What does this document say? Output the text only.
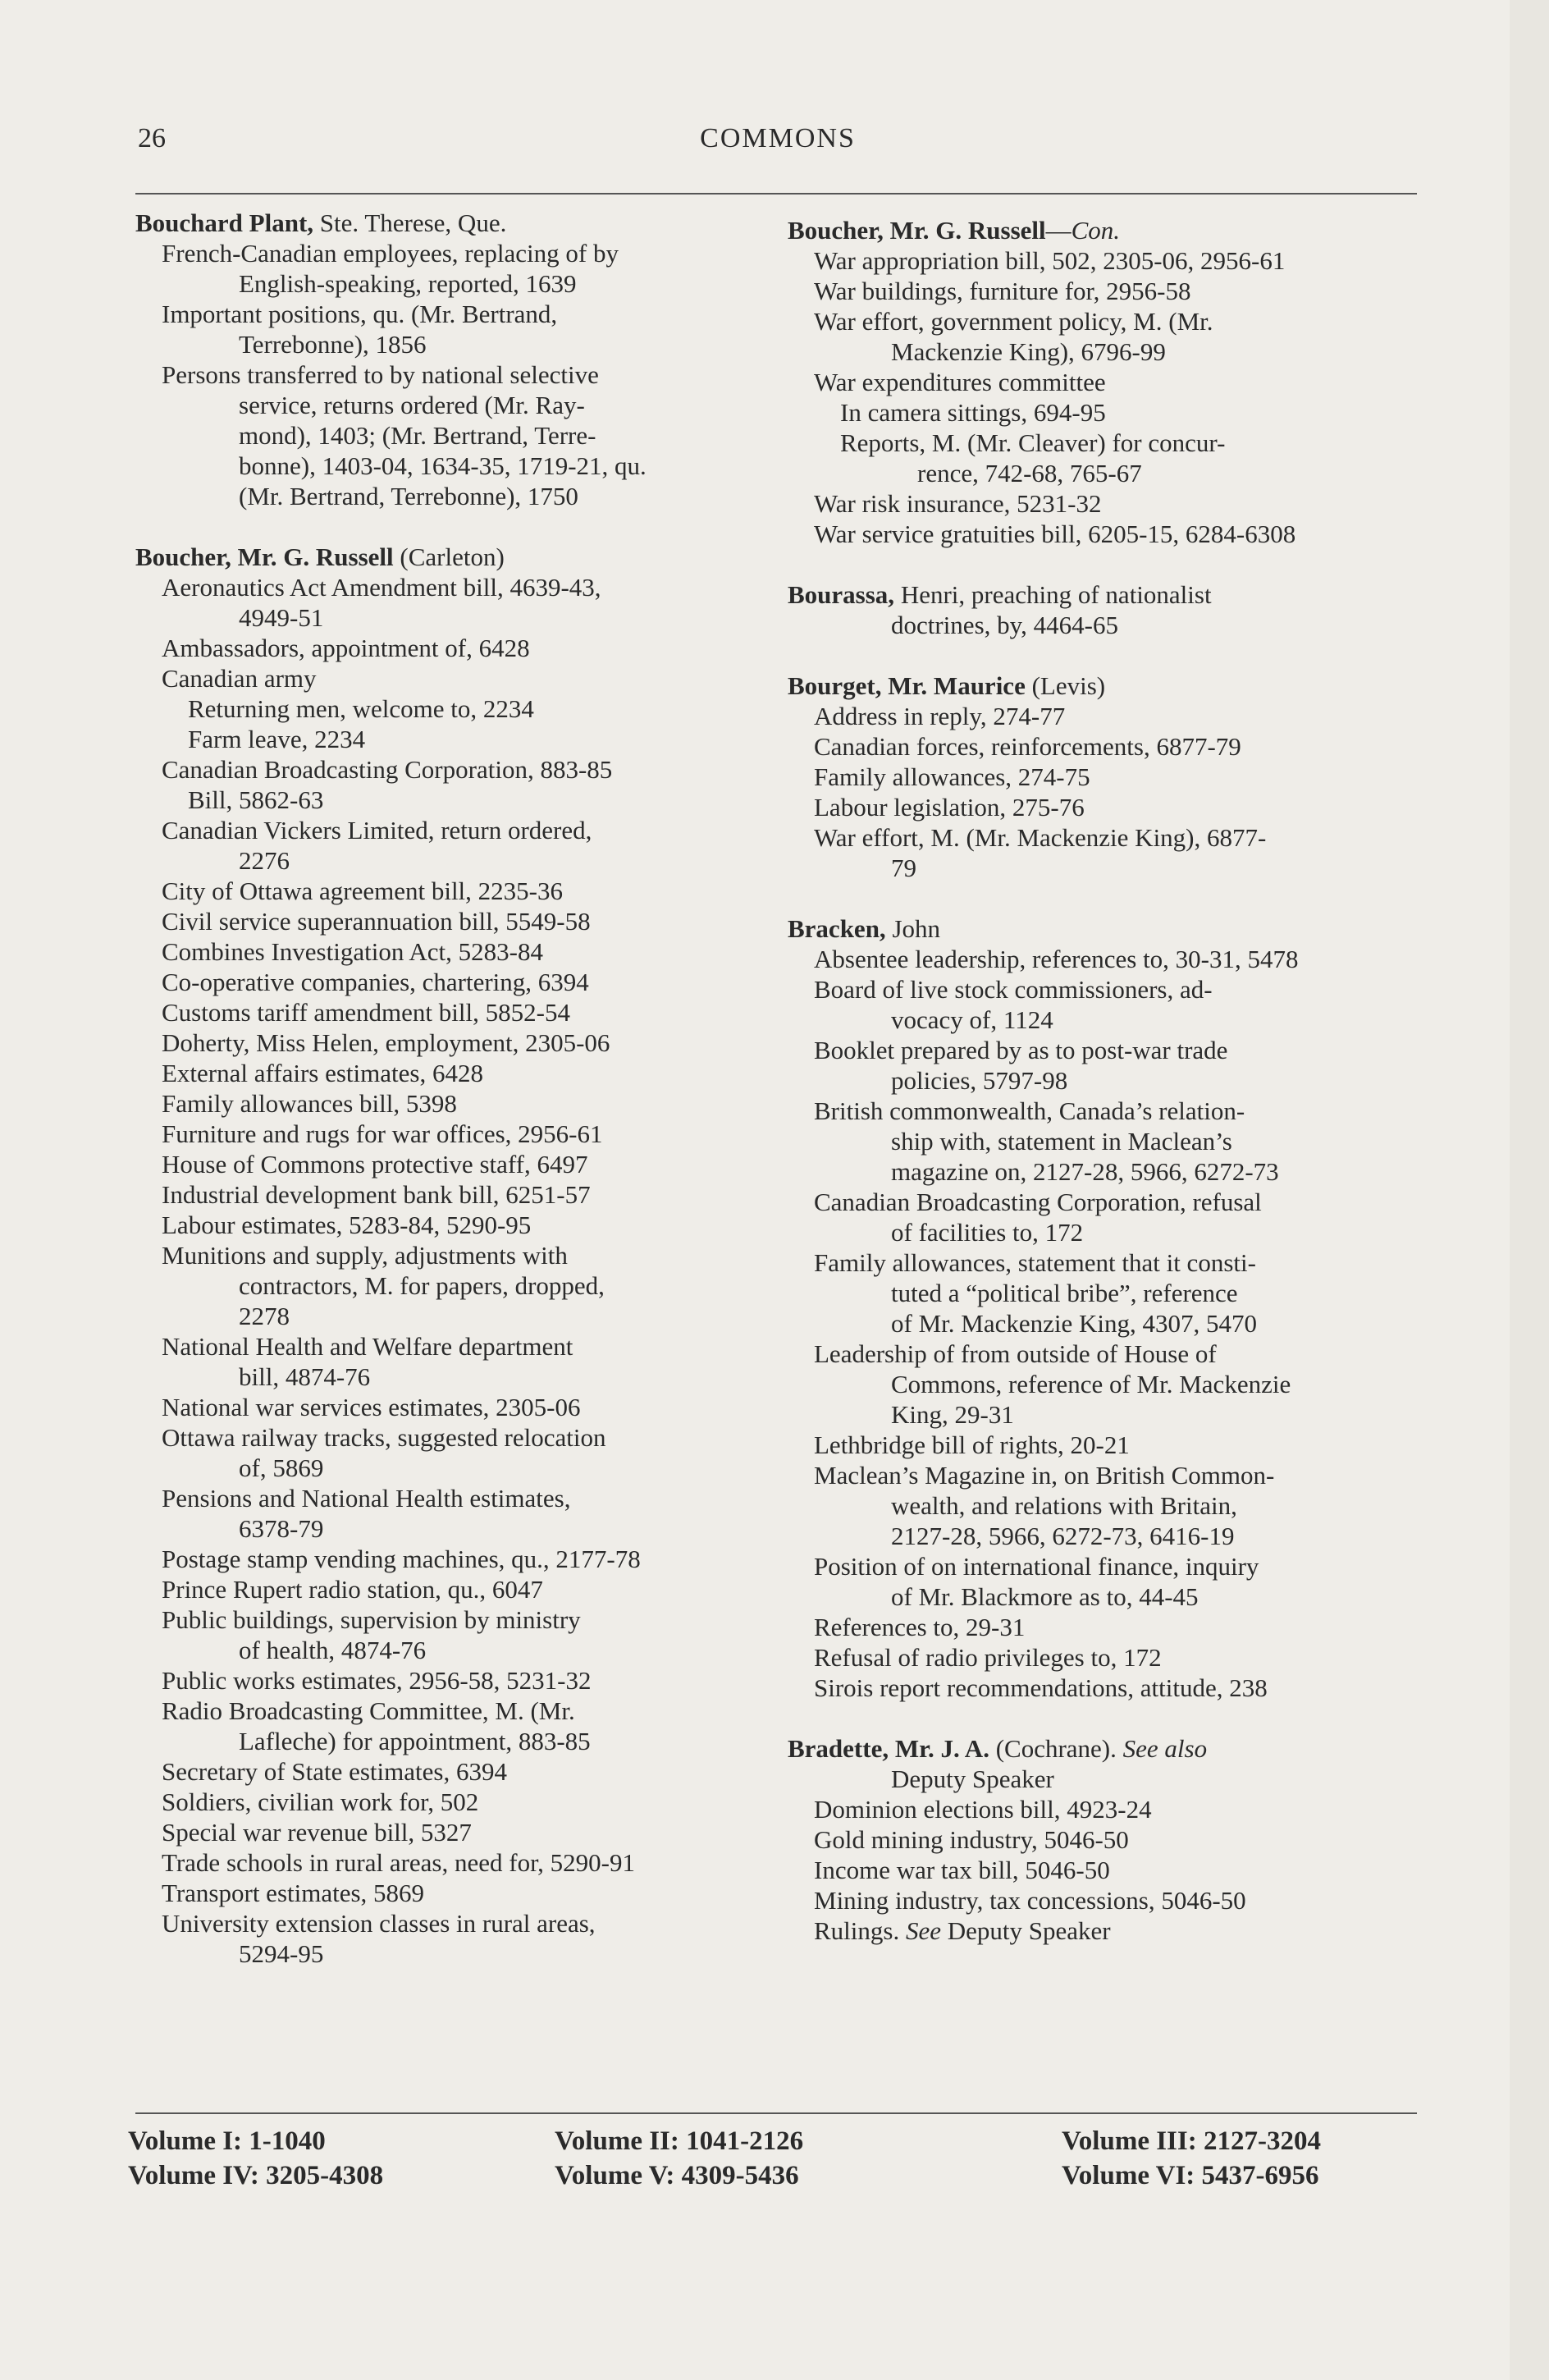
26	COMMONS
Bouchard Plant, Ste. Therese, Que.
French-Canadian employees, replacing of by
English-speaking, reported, 1639
Important positions, qu. (Mr. Bertrand,
Terrebonne), 1856
Persons transferred to by national selective
service, returns ordered (Mr. Ray-
mond), 1403; (Mr. Bertrand, Terre-
bonne), 1403-04, 1634-35, 1719-21, qu.
(Mr. Bertrand, Terrebonne), 1750
Boucher, Mr. G. Russell (Carleton)
Aeronautics Act Amendment bill, 4639-43,
4949-51
Ambassadors, appointment of, 6428
Canadian army
Returning men, welcome to, 2234
Farm leave, 2234
Canadian Broadcasting Corporation, 883-85
Bill, 5862-63
Canadian Vickers Limited, return ordered,
2276
City of Ottawa agreement bill, 2235-36
Civil service superannuation bill, 5549-58
Combines Investigation Act, 5283-84
Co-operative companies, chartering, 6394
Customs tariff amendment bill, 5852-54
Doherty, Miss Helen, employment, 2305-06
External affairs estimates, 6428
Family allowances bill, 5398
Furniture and rugs for war offices, 2956-61
House of Commons protective staff, 6497
Industrial development bank bill, 6251-57
Labour estimates, 5283-84, 5290-95
Munitions and supply, adjustments with
contractors, M. for papers, dropped,
2278
National Health and Welfare department
bill, 4874-76
National war services estimates, 2305-06
Ottawa railway tracks, suggested relocation
of, 5869
Pensions and National Health estimates,
6378-79
Postage stamp vending machines, qu., 2177-78
Prince Rupert radio station, qu., 6047
Public buildings, supervision by ministry
of health, 4874-76
Public works estimates, 2956-58, 5231-32
Radio Broadcasting Committee, M. (Mr.
Lafleche) for appointment, 883-85
Secretary of State estimates, 6394
Soldiers, civilian work for, 502
Special war revenue bill, 5327
Trade schools in rural areas, need for, 5290-91
Transport estimates, 5869
University extension classes in rural areas,
5294-95
Boucher, Mr. G. Russell—Con.
War appropriation bill, 502, 2305-06, 2956-61
War buildings, furniture for, 2956-58
War effort, government policy, M. (Mr.
Mackenzie King), 6796-99
War expenditures committee
In camera sittings, 694-95
Reports, M. (Mr. Cleaver) for concur-
rence, 742-68, 765-67
War risk insurance, 5231-32
War service gratuities bill, 6205-15, 6284-6308
Bourassa, Henri, preaching of nationalist
doctrines, by, 4464-65
Bourget, Mr. Maurice (Levis)
Address in reply, 274-77
Canadian forces, reinforcements, 6877-79
Family allowances, 274-75
Labour legislation, 275-76
War effort, M. (Mr. Mackenzie King), 6877-
79
Bracken, John
Absentee leadership, references to, 30-31, 5478
Board of live stock commissioners, ad-
vocacy of, 1124
Booklet prepared by as to post-war trade
policies, 5797-98
British commonwealth, Canada’s relation-
ship with, statement in Maclean’s
magazine on, 2127-28, 5966, 6272-73
Canadian Broadcasting Corporation, refusal
of facilities to, 172
Family allowances, statement that it consti-
tuted a “political bribe”, reference
of Mr. Mackenzie King, 4307, 5470
Leadership of from outside of House of
Commons, reference of Mr. Mackenzie
King, 29-31
Lethbridge bill of rights, 20-21
Maclean’s Magazine in, on British Common-
wealth, and relations with Britain,
2127-28, 5966, 6272-73, 6416-19
Position of on international finance, inquiry
of Mr. Blackmore as to, 44-45
References to, 29-31
Refusal of radio privileges to, 172
Sirois report recommendations, attitude, 238
Bradette, Mr. J. A. (Cochrane). See also
Deputy Speaker
Dominion elections bill, 4923-24
Gold mining industry, 5046-50
Income war tax bill, 5046-50
Mining industry, tax concessions, 5046-50
Rulings. See Deputy Speaker
Volume I: 1-1040
Volume IV: 3205-4308
Volume II: 1041-2126
Volume V: 4309-5436
Volume III: 2127-3204
Volume VI: 5437-6956
